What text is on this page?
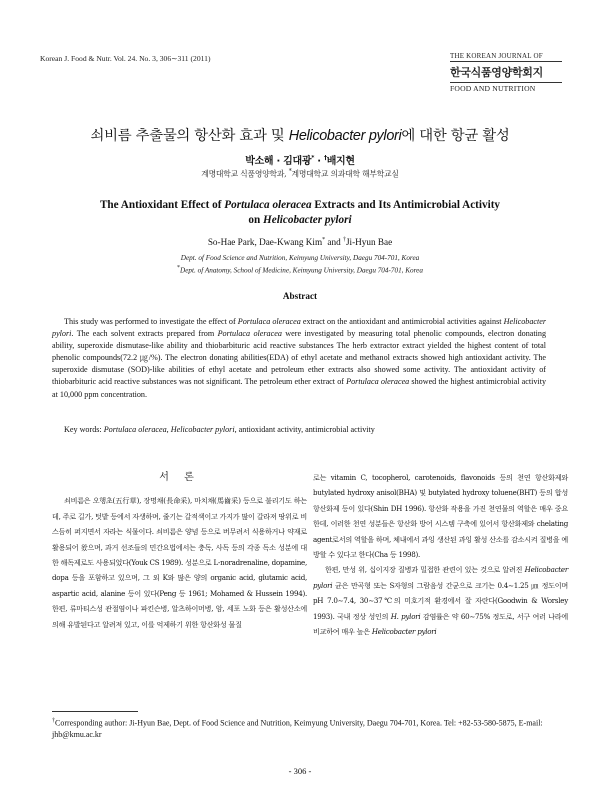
Korean J. Food & Nutr. Vol. 24. No. 3, 306∼311 (2011)	THE KOREAN JOURNAL OF
한국식품영양학회지
FOOD AND NUTRITION
쇠비름 추출물의 항산화 효과 및 Helicobacter pylori에 대한 항균 활성
박소해 · 김대광* · †배지현
계명대학교 식품영양학과, *계명대학교 의과대학 해부학교실
The Antioxidant Effect of Portulaca oleracea Extracts and Its Antimicrobial Activity
on Helicobacter pylori
So-Hae Park, Dae-Kwang Kim* and †Ji-Hyun Bae
Dept. of Food Science and Nutrition, Keimyung University, Daegu 704-701, Korea
*Dept. of Anatomy, School of Medicine, Keimyung University, Daegu 704-701, Korea
Abstract

This study was performed to investigate the effect of Portulaca oleracea extract on the antioxidant and antimicrobial activities against Helicobacter pylori. The each solvent extracts prepared from Portulaca oleracea were investigated by measuring total phenolic compounds, electron donating ability, superoxide dismutase-like ability and thiobarbituric acid reactive substances The herb extractor extract yielded the highest content of total phenolic compounds(72.2 ㎍/%). The electron donating abilities(EDA) of ethyl acetate and methanol extracts showed high antioxidant activity. The superoxide dismutase (SOD)-like abilities of ethyl acetate and petroleum ether extracts also showed some activity. The antioxidant activity of thiobarbituric acid reactive substances was not significant. The petroleum ether extract of Portulaca oleracea showed the highest antimicrobial activity at 10,000 ppm concentration.

Key words: Portulaca oleracea, Helicobacter pylori, antioxidant activity, antimicrobial activity
서 론

쇠비름은 오행초(五行草), 장명채(長命采), 마치채(馬齒采) 등으로 불리기도 하는데, 주로 길가, 텃밭 등에서 자생하며, 줄기는 갈적색이고 가지가 많이 갈라져 땅위로 비스듬히 퍼지면서 자라는 식물이다. 쇠비름은 양념 등으로 버무려서 식용하거나 약재로 활용되어 왔으며, 과거 선조들의 민간요법에서는 충독, 사독 등의 각종 독소 성분에 대한 해독제로도 사용되었다(Youk CS 1989). 성분으로 L-noradrenaline, dopamine, dopa 등을 포함하고 있으며, 그 외 K와 많은 양의 organic acid, glutamic acid, aspartic acid, alanine 등이 있다(Peng 등 1961; Mohamed & Hussein 1994). 한편, 류마티스성 관절염이나 파킨슨병, 알츠하이머병, 암, 세포 노화 등은 활성산소에 의해 유발된다고 알려져 있고, 이를 억제하기 위한 항산화성 물질

로는 vitamin C, tocopherol, carotenoids, flavonoids 등의 천연 항산화제와 butylated hydroxy anisol(BHA) 및 butylated hydroxy toluene(BHT) 등의 합성 항산화제 등이 있다(Shin DH 1996). 항산화 작용을 가진 천연물의 역할은 매우 중요한데, 이러한 천연 성분들은 항산화 방어 시스템 구축에 있어서 항산화제와 chelating agent로서의 역할을 하며, 체내에서 과잉 생산된 과잉 활성 산소를 감소시켜 질병을 예방할 수 있다고 한다(Cha 등 1998).

한편, 만성 위, 십이지장 질병과 밀접한 관련이 있는 것으로 알려진 Helicobacter pylori 균은 만곡형 또는 S자형의 그람음성 간균으로 크기는 0.4∼1.25 ㎛ 정도이며 pH 7.0∼7.4, 30∼37℃의 미호기적 환경에서 잘 자란다(Goodwin & Worsley 1993). 국내 정상 성인의 H. pylori 감염률은 약 60∼75% 정도로, 서구 여러 나라에 비교하여 매우 높은 Helicobacter pylori

†Corresponding author: Ji-Hyun Bae, Dept. of Food Science and Nutrition, Keimyung University, Daegu 704-701, Korea. Tel: +82-53-580-5875, E-mail: jhb@kmu.ac.kr
- 306 -
